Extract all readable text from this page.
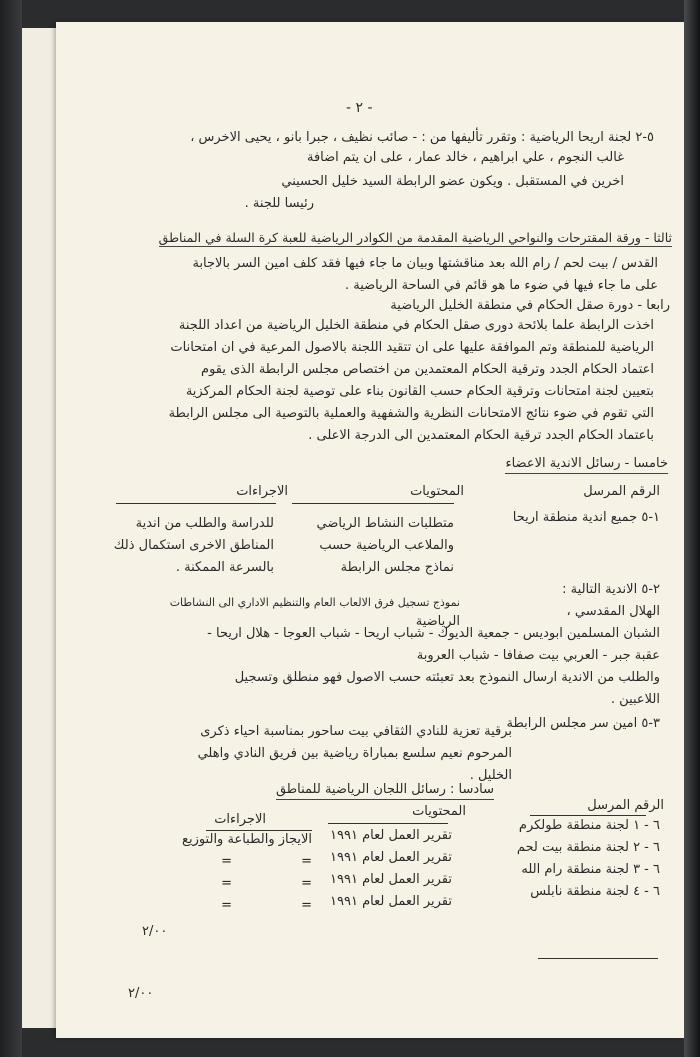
- ٢ -
٥-٢ لجنة اريحا الرياضية : وتقرر تأليفها من : - صائب نظيف ، جبرا بانو ، يحيى الاخرس ،
غالب النجوم ، علي ابراهيم ، خالد عمار ، على ان يتم اضافة
اخرين في المستقبل . ويكون عضو الرابطة السيد خليل الحسيني
رئيسا للجنة .
ثالثا - ورقة المقترحات والنواحي الرياضية المقدمة من الكوادر الرياضية للعبة كرة السلة في المناطق
القدس / بيت لحم / رام الله بعد مناقشتها وبيان ما جاء فيها فقد كلف امين السر بالاجابة
على ما جاء فيها في ضوء ما هو قائم في الساحة الرياضية .
رابعا - دورة صقل الحكام في منطقة الخليل الرياضية
اخذت الرابطة علما بلائحة دورى صقل الحكام في منطقة الخليل الرياضية من اعداد اللجنة
الرياضية للمنطقة وتم الموافقة عليها على ان تتقيد اللجنة بالاصول المرعية في ان امتحانات
اعتماد الحكام الجدد وترقية الحكام المعتمدين من اختصاص مجلس الرابطة الذى يقوم
بتعيين لجنة امتحانات وترقية الحكام حسب القانون بناء على توصية لجنة الحكام المركزية
التي تقوم في ضوء نتائج الامتحانات النظرية والشفهية والعملية بالتوصية الى مجلس الرابطة
باعتماد الحكام الجدد ترقية الحكام المعتمدين الى الدرجة الاعلى .
خامسا - رسائل الاندية الاعضاء
الرقم المرسل
المحتويات
الاجراءات
١-٥ جميع اندية منطقة اريحا
متطلبات النشاط الرياضي
والملاعب الرياضية حسب
نماذج مجلس الرابطة
للدراسة والطلب من اندية
المناطق الاخرى استكمال ذلك
بالسرعة الممكنة .
٢-٥ الاندية التالية :
نموذج تسجيل فرق الالعاب العام والتنظيم الاداري الى النشاطات
الرياضية
الهلال المقدسي ،
الشبان المسلمين ابوديس - جمعية الديوك - شباب اريحا - شباب العوجا - هلال اريحا -
عقبة جبر - العربي بيت صفافا - شباب العروبة
والطلب من الاندية ارسال النموذج بعد تعبئته حسب الاصول فهو منطلق وتسجيل
اللاعبين .
٣-٥ امين سر مجلس الرابطة
برقية تعزية للنادي الثقافي بيت ساحور بمناسبة احياء ذكرى
المرحوم نعيم سلسع بمباراة رياضية بين فريق النادي واهلي
الخليل .
سادسا : رسائل اللجان الرياضية للمناطق
الرقم المرسل
المحتويات
الاجراءات	٦ - ١ لجنة منطقة طولكرم
تقرير العمل لعام ١٩٩١
الايجاز والطباعة والتوزيع
٦ - ٢ لجنة منطقة بيت لحم
تقرير العمل لعام ١٩٩١
=
=
٦ - ٣ لجنة منطقة رام الله
تقرير العمل لعام ١٩٩١
=
=
٦ - ٤ لجنة منطقة نابلس
تقرير العمل لعام ١٩٩١
=
=
٢/٠٠
٢/٠٠
